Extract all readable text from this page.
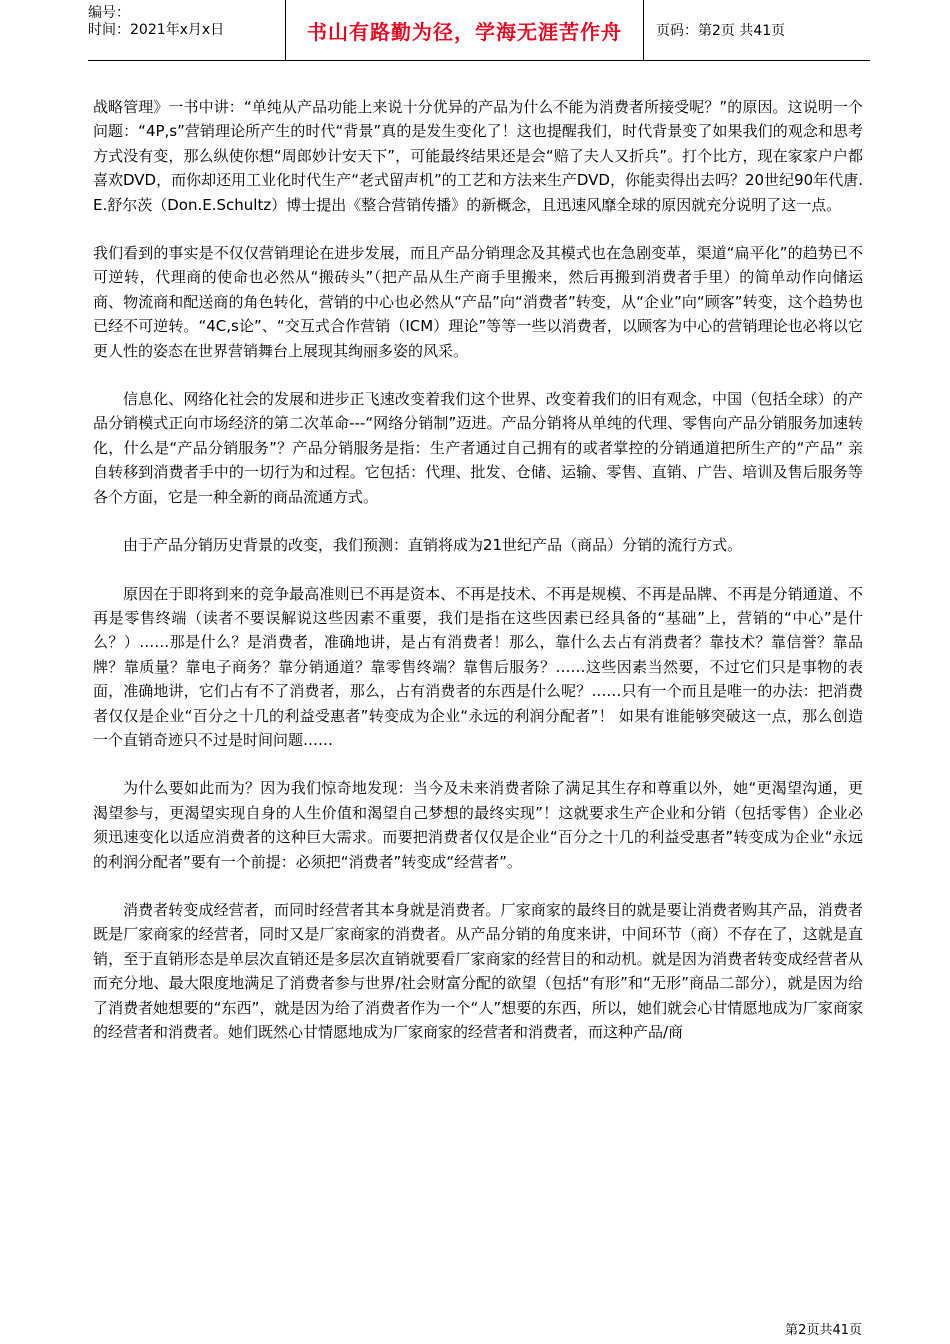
编号：
时间：2021年x月x日	书山有路勤为径，学海无涯苦作舟	页码：第2页 共41页

战略管理》一书中讲：“单纯从产品功能上来说十分优异的产品为什么不能为消费者所接受呢？”的原因。这说明一个问题：“4P,s”营销理论所产生的时代“背景”真的是发生变化了！这也提醒我们，时代背景变了如果我们的观念和思考方式没有变，那么纵使你想“周郎妙计安天下”，可能最终结果还是会“赔了夫人又折兵”。打个比方，现在家家户户都喜欢DVD，而你却还用工业化时代生产“老式留声机”的工艺和方法来生产DVD，你能卖得出去吗？20世纪90年代唐.E.舒尔茨（Don.E.Schultz）博士提出《整合营销传播》的新概念，且迅速风靡全球的原因就充分说明了这一点。

我们看到的事实是不仅仅营销理论在进步发展，而且产品分销理念及其模式也在急剧变革，渠道“扁平化”的趋势已不可逆转，代理商的使命也必然从“搬砖头”（把产品从生产商手里搬来，然后再搬到消费者手里）的简单动作向储运商、物流商和配送商的角色转化，营销的中心也必然从“产品”向“消费者”转变，从“企业”向“顾客”转变，这个趋势也已经不可逆转。“4C,s论”、“交互式合作营销（ICM）理论”等等一些以消费者，以顾客为中心的营销理论也必将以它更人性的姿态在世界营销舞台上展现其绚丽多姿的风采。

信息化、网络化社会的发展和进步正飞速改变着我们这个世界、改变着我们的旧有观念，中国（包括全球）的产品分销模式正向市场经济的第二次革命---“网络分销制”迈进。产品分销将从单纯的代理、零售向产品分销服务加速转化，什么是“产品分销服务”？产品分销服务是指：生产者通过自己拥有的或者掌控的分销通道把所生产的“产品” 亲自转移到消费者手中的一切行为和过程。它包括：代理、批发、仓储、运输、零售、直销、广告、培训及售后服务等各个方面，它是一种全新的商品流通方式。

由于产品分销历史背景的改变，我们预测：直销将成为21世纪产品（商品）分销的流行方式。

原因在于即将到来的竞争最高准则已不再是资本、不再是技术、不再是规模、不再是品牌、不再是分销通道、不再是零售终端（读者不要误解说这些因素不重要，我们是指在这些因素已经具备的“基础”上，营销的“中心”是什么？）……那是什么？是消费者，准确地讲，是占有消费者！那么，靠什么去占有消费者？靠技术？靠信誉？靠品牌？靠质量？靠电子商务？靠分销通道？靠零售终端？靠售后服务？……这些因素当然要，不过它们只是事物的表面，准确地讲，它们占有不了消费者，那么，占有消费者的东西是什么呢？……只有一个而且是唯一的办法：把消费者仅仅是企业“百分之十几的利益受惠者”转变成为企业“永远的利润分配者”！ 如果有谁能够突破这一点，那么创造一个直销奇迹只不过是时间问题……

为什么要如此而为？因为我们惊奇地发现：当今及未来消费者除了满足其生存和尊重以外，她“更渴望沟通，更渴望参与，更渴望实现自身的人生价值和渴望自己梦想的最终实现”！这就要求生产企业和分销（包括零售）企业必须迅速变化以适应消费者的这种巨大需求。而要把消费者仅仅是企业“百分之十几的利益受惠者”转变成为企业“永远的利润分配者”要有一个前提：必须把“消费者”转变成“经营者”。

消费者转变成经营者，而同时经营者其本身就是消费者。厂家商家的最终目的就是要让消费者购其产品，消费者既是厂家商家的经营者，同时又是厂家商家的消费者。从产品分销的角度来讲，中间环节（商）不存在了，这就是直销，至于直销形态是单层次直销还是多层次直销就要看厂家商家的经营目的和动机。就是因为消费者转变成经营者从而充分地、最大限度地满足了消费者参与世界/社会财富分配的欲望（包括“有形”和“无形”商品二部分），就是因为给了消费者她想要的“东西”，就是因为给了消费者作为一个“人”想要的东西，所以，她们就会心甘情愿地成为厂家商家的经营者和消费者。她们既然心甘情愿地成为厂家商家的经营者和消费者，而这种产品/商

第2页共41页
